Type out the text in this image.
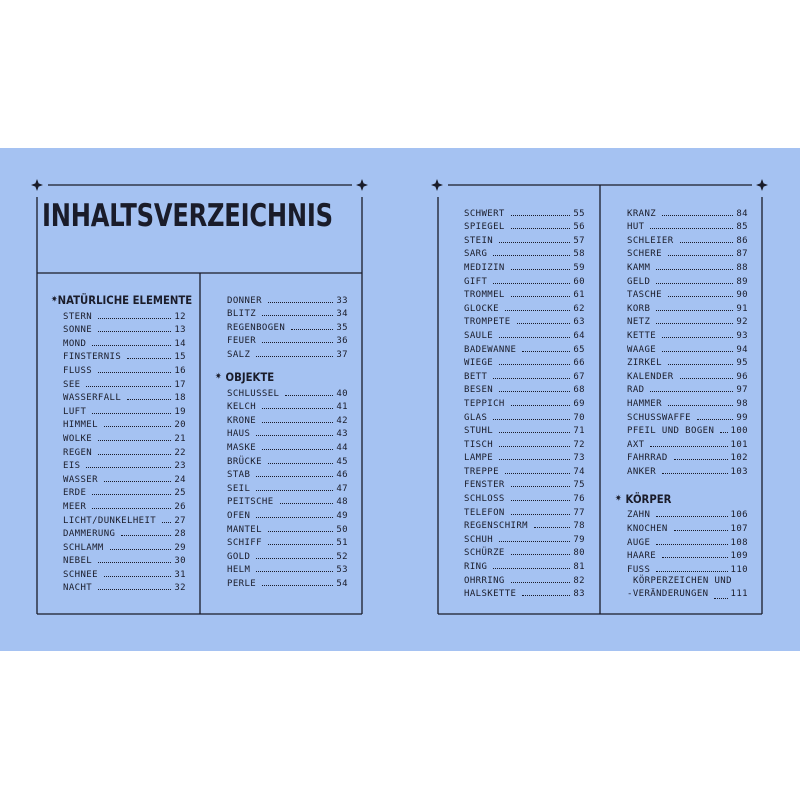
INHALTSVERZEICHNIS
✷ NATÜRLICHE ELEMENTE
STERN	12
SONNE	13
MOND	14
FINSTERNIS	15
FLUSS	16
SEE	17
WASSERFALL	18
LUFT	19
HIMMEL	20
WOLKE	21
REGEN	22
EIS	23
WASSER	24
ERDE	25
MEER	26
LICHT/DUNKELHEIT 27
DAMMERUNG	28
SCHLAMM	29
NEBEL	30
SCHNEE	31
NACHT	32
DONNER	33
BLITZ	34
REGENBOGEN	35
FEUER	36
SALZ	37
✷ OBJEKTE
SCHLUSSEL	40
KELCH	41
KRONE	42
HAUS	43
MASKE	44
BRÜCKE	45
STAB	46
SEIL	47
PEITSCHE	48
OFEN	49
MANTEL	50
SCHIFF	51
GOLD	52
HELM	53
PERLE	54
SCHWERT	55
SPIEGEL	56
STEIN	57
SARG	58
MEDIZIN	59
GIFT	60
TROMMEL	61
GLOCKE	62
TROMPETE	63
SAULE	64
BADEWANNE	65
WIEGE	66
BETT	67
BESEN	68
TEPPICH	69
GLAS	70
STUHL	71
TISCH	72
LAMPE	73
TREPPE	74
FENSTER	75
SCHLOSS	76
TELEFON	77
REGENSCHIRM	78
SCHUH	79
SCHÜRZE	80
RING	81
OHRRING	82
HALSKETTE	83
KRANZ	84
HUT	85
SCHLEIER	86
SCHERE	87
KAMM	88
GELD	89
TASCHE	90
KORB	91
NETZ	92
KETTE	93
WAAGE	94
ZIRKEL	95
KALENDER	96
RAD	97
HAMMER	98
SCHUSSWAFFE	99
PFEIL UND BOGEN 100
AXT	101
FAHRRAD	102
ANKER	103
✷ KÖRPER
ZAHN	106
KNOCHEN	107
AUGE	108
HAARE	109
FUSS	110
KÖRPERZEICHEN UND
-VERÄNDERUNGEN 111
